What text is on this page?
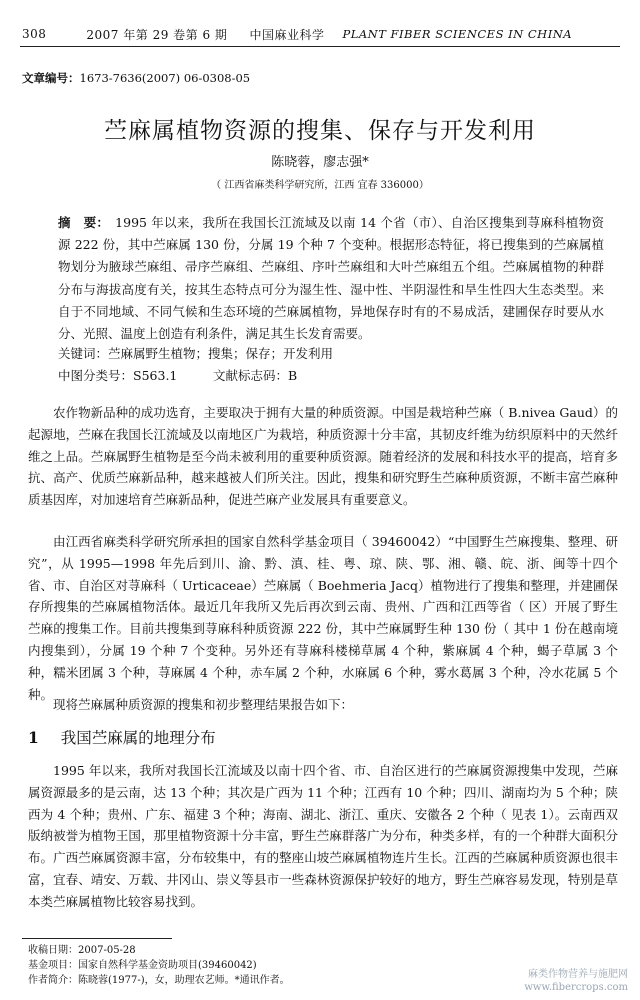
308	2007 年第 29 卷第 6 期 中国麻业科学 PLANT FIBER SCIENCES IN CHINA
文章编号：1673-7636(2007) 06-0308-05
苎麻属植物资源的搜集、保存与开发利用
陈晓蓉，廖志强*
（ 江西省麻类科学研究所，江西 宜春 336000）
摘　要： 1995 年以来，我所在我国长江流域及以南 14 个省（市）、自治区搜集到荨麻科植物资源 222 份，其中苎麻属 130 份，分属 19 个种 7 个变种。根据形态特征，将已搜集到的苎麻属植物划分为腋球苎麻组、帚序苎麻组、苎麻组、序叶苎麻组和大叶苎麻组五个组。苎麻属植物的种群分布与海拔高度有关，按其生态特点可分为湿生性、湿中性、半阴湿性和旱生性四大生态类型。来自于不同地域、不同气候和生态环境的苎麻属植物，异地保存时有的不易成活，建圃保存时要从水分、光照、温度上创造有利条件，满足其生长发育需要。
关键词：苎麻属野生植物；搜集；保存；开发利用
中图分类号：S563.1	文献标志码：B
农作物新品种的成功选育，主要取决于拥有大量的种质资源。中国是栽培种苎麻（ B.nivea Gaud）的起源地，苎麻在我国长江流域及以南地区广为栽培，种质资源十分丰富，其韧皮纤维为纺织原料中的天然纤维之上品。苎麻属野生植物是至今尚未被利用的重要种质资源。随着经济的发展和科技水平的提高，培育多抗、高产、优质苎麻新品种，越来越被人们所关注。因此，搜集和研究野生苎麻种质资源，不断丰富苎麻种质基因库，对加速培育苎麻新品种，促进苎麻产业发展具有重要意义。
由江西省麻类科学研究所承担的国家自然科学基金项目（ 39460042）“中国野生苎麻搜集、整理、研究”，从 1995—1998 年先后到川、渝、黔、滇、桂、粤、琼、陕、鄂、湘、赣、皖、浙、闽等十四个省、市、自治区对荨麻科（ Urticaceae）苎麻属（ Boehmeria Jacq）植物进行了搜集和整理，并建圃保存所搜集的苎麻属植物活体。最近几年我所又先后再次到云南、贵州、广西和江西等省（ 区）开展了野生苎麻的搜集工作。目前共搜集到荨麻科种质资源 222 份，其中苎麻属野生种 130 份（ 其中 1 份在越南境内搜集到），分属 19 个种 7 个变种。另外还有荨麻科楼梯草属 4 个种，紫麻属 4 个种，蝎子草属 3 个种，糯米团属 3 个种，荨麻属 4 个种，赤车属 2 个种，水麻属 6 个种，雾水葛属 3 个种，冷水花属 5 个种。
现将苎麻属种质资源的搜集和初步整理结果报告如下：
1 我国苎麻属的地理分布
1995 年以来，我所对我国长江流域及以南十四个省、市、自治区进行的苎麻属资源搜集中发现，苎麻属资源最多的是云南，达 13 个种；其次是广西为 11 个种；江西有 10 个种；四川、湖南均为 5 个种；陕西为 4 个种；贵州、广东、福建 3 个种；海南、湖北、浙江、重庆、安徽各 2 个种（ 见表 1）。云南西双版纳被誉为植物王国，那里植物资源十分丰富，野生苎麻群落广为分布，种类多样，有的一个种群大面积分布。广西苎麻属资源丰富，分布较集中，有的整座山坡苎麻属植物连片生长。江西的苎麻属种质资源也很丰富，宜春、靖安、万载、井冈山、崇义等县市一些森林资源保护较好的地方，野生苎麻容易发现，特别是草本类苎麻属植物比较容易找到。
收稿日期：2007-05-28
基金项目：国家自然科学基金资助项目(39460042)
作者简介：陈晓蓉(1977-)，女，助理农艺师。*通讯作者。
麻类作物营养与施肥网
www.fibercrops.com
